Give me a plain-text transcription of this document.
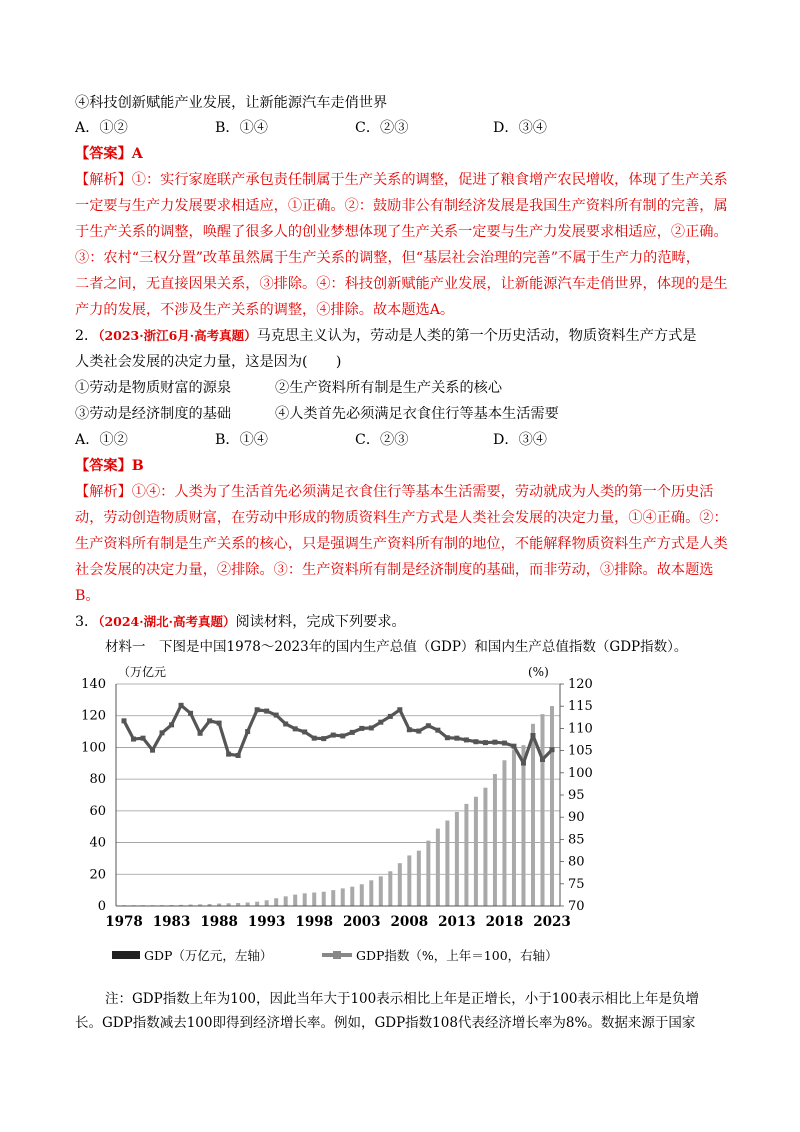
④科技创新赋能产业发展，让新能源汽车走俏世界
A．①②	B．①④	C．②③	D．③④
【答案】A
【解析】①：实行家庭联产承包责任制属于生产关系的调整，促进了粮食增产农民增收，体现了生产关系
一定要与生产力发展要求相适应，①正确。②：鼓励非公有制经济发展是我国生产资料所有制的完善，属
于生产关系的调整，唤醒了很多人的创业梦想体现了生产关系一定要与生产力发展要求相适应，②正确。
③：农村“三权分置”改革虽然属于生产关系的调整，但“基层社会治理的完善”不属于生产力的范畴，
二者之间，无直接因果关系，③排除。④：科技创新赋能产业发展，让新能源汽车走俏世界，体现的是生
产力的发展，不涉及生产关系的调整，④排除。故本题选A。
2．（2023·浙江6月·高考真题）马克思主义认为，劳动是人类的第一个历史活动，物质资料生产方式是
人类社会发展的决定力量，这是因为(　　)
①劳动是物质财富的源泉	②生产资料所有制是生产关系的核心
③劳动是经济制度的基础	④人类首先必须满足衣食住行等基本生活需要
A．①②	B．①④	C．②③	D．③④
【答案】B
【解析】①④：人类为了生活首先必须满足衣食住行等基本生活需要，劳动就成为人类的第一个历史活
动，劳动创造物质财富，在劳动中形成的物质资料生产方式是人类社会发展的决定力量，①④正确。②：
生产资料所有制是生产关系的核心，只是强调生产资料所有制的地位，不能解释物质资料生产方式是人类
社会发展的决定力量，②排除。③：生产资料所有制是经济制度的基础，而非劳动，③排除。故本题选
B。
3．（2024·湖北·高考真题）阅读材料，完成下列要求。
材料一　下图是中国1978～2023年的国内生产总值（GDP）和国内生产总值指数（GDP指数）。
0
20
40
60
80
100
120
140
70
75
80
85
90
95
100
105
110
115
120
1978 1983 1988 1993 1998 2003 2008 2013 2018 2023
（万亿元	(%)
GDP（万亿元，左轴）	GDP指数（%，上年＝100，右轴）
注：GDP指数上年为100，因此当年大于100表示相比上年是正增长，小于100表示相比上年是负增
长。GDP指数减去100即得到经济增长率。例如，GDP指数108代表经济增长率为8%。数据来源于国家
